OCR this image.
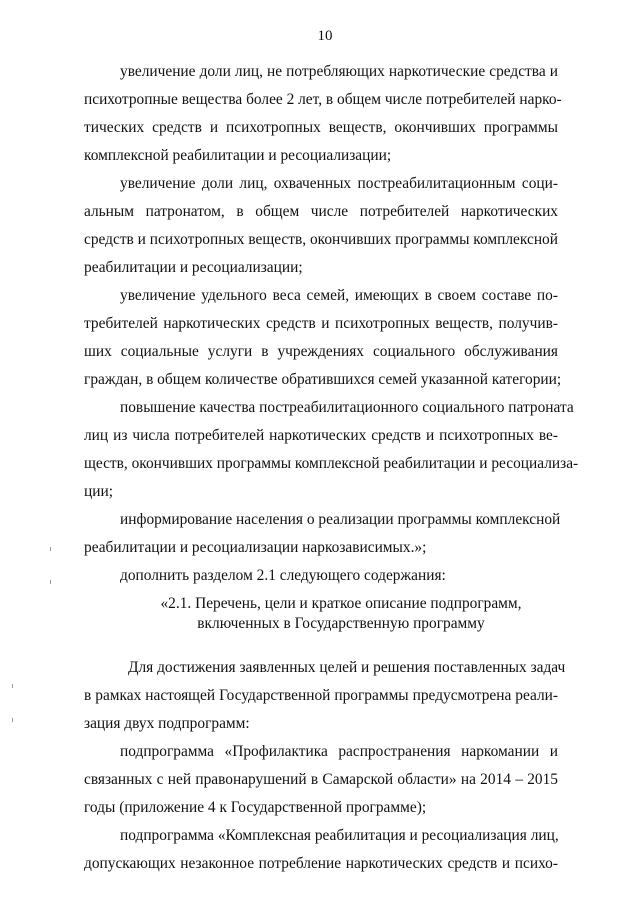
10
увеличение доли лиц, не потребляющих наркотические средства и
психотропные вещества более 2 лет, в общем числе потребителей нарко-
тических средств и психотропных веществ, окончивших программы
комплексной реабилитации и ресоциализации;
увеличение доли лиц, охваченных постреабилитационным соци-
альным патронатом, в общем числе потребителей наркотических
средств и психотропных веществ, окончивших программы комплексной
реабилитации и ресоциализации;
увеличение удельного веса семей, имеющих в своем составе по-
требителей наркотических средств и психотропных веществ, получив-
ших социальные услуги в учреждениях социального обслуживания
граждан, в общем количестве обратившихся семей указанной категории;
повышение качества постреабилитационного социального патроната
лиц из числа потребителей наркотических средств и психотропных ве-
ществ, окончивших программы комплексной реабилитации и ресоциализа-
ции;
информирование населения о реализации программы комплексной
реабилитации и ресоциализации наркозависимых.»;
дополнить разделом 2.1 следующего содержания:
«2.1. Перечень, цели и краткое описание подпрограмм,
включенных в Государственную программу
Для достижения заявленных целей и решения поставленных задач
в рамках настоящей Государственной программы предусмотрена реали-
зация двух подпрограмм:
подпрограмма «Профилактика распространения наркомании и
связанных с ней правонарушений в Самарской области» на 2014 – 2015
годы (приложение 4 к Государственной программе);
подпрограмма «Комплексная реабилитация и ресоциализация лиц,
допускающих незаконное потребление наркотических средств и психо-
